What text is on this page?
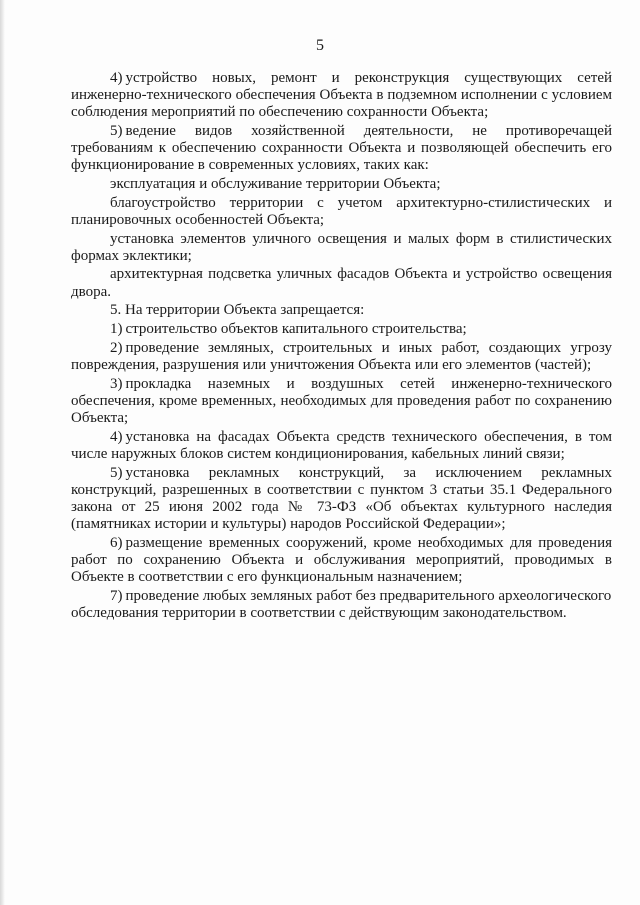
5

4) устройство новых, ремонт и реконструкция существующих сетей инженерно-технического обеспечения Объекта в подземном исполнении с условием соблюдения мероприятий по обеспечению сохранности Объекта;

5) ведение видов хозяйственной деятельности, не противоречащей требованиям к обеспечению сохранности Объекта и позволяющей обеспечить его функционирование в современных условиях, таких как:

эксплуатация и обслуживание территории Объекта;

благоустройство территории с учетом архитектурно-стилистических и планировочных особенностей Объекта;

установка элементов уличного освещения и малых форм в стилистических формах эклектики;

архитектурная подсветка уличных фасадов Объекта и устройство освещения двора.

5. На территории Объекта запрещается:

1) строительство объектов капитального строительства;

2) проведение земляных, строительных и иных работ, создающих угрозу повреждения, разрушения или уничтожения Объекта или его элементов (частей);

3) прокладка наземных и воздушных сетей инженерно-технического обеспечения, кроме временных, необходимых для проведения работ по сохранению Объекта;

4) установка на фасадах Объекта средств технического обеспечения, в том числе наружных блоков систем кондиционирования, кабельных линий связи;

5) установка рекламных конструкций, за исключением рекламных конструкций, разрешенных в соответствии с пунктом 3 статьи 35.1 Федерального закона от 25 июня 2002 года № 73-ФЗ «Об объектах культурного наследия (памятниках истории и культуры) народов Российской Федерации»;

6) размещение временных сооружений, кроме необходимых для проведения работ по сохранению Объекта и обслуживания мероприятий, проводимых в Объекте в соответствии с его функциональным назначением;

7) проведение любых земляных работ без предварительного археологического обследования территории в соответствии с действующим законодательством.
